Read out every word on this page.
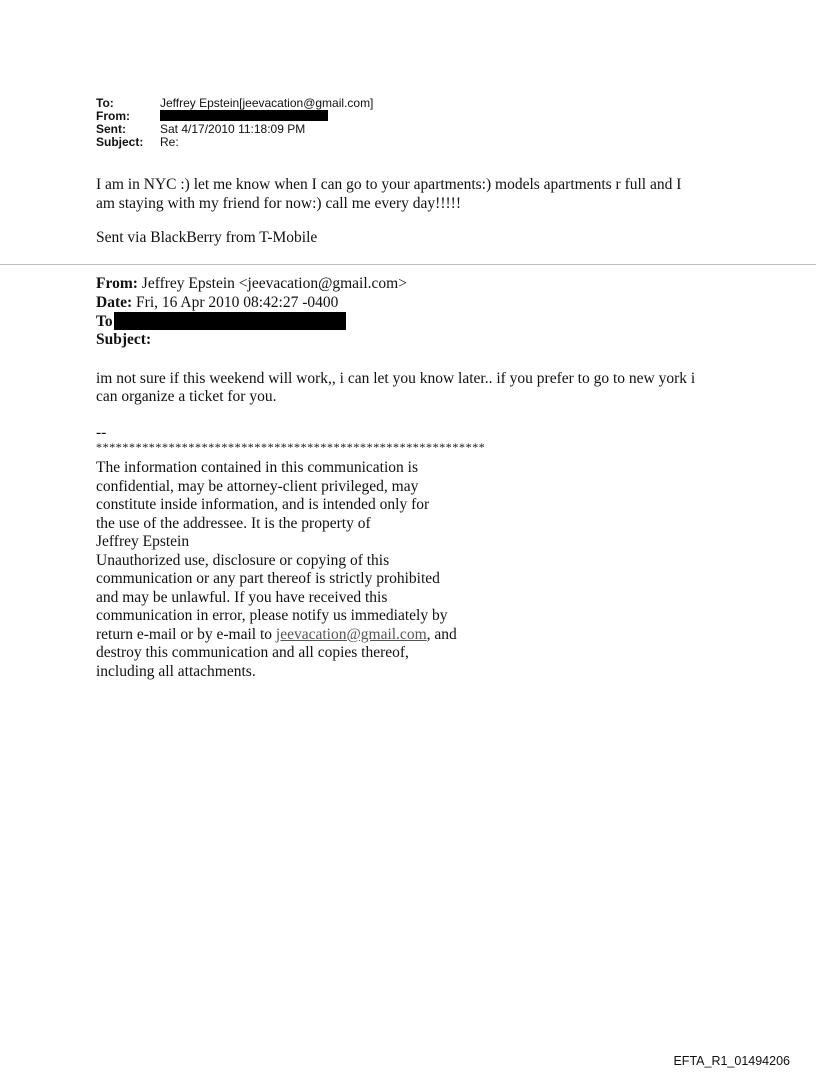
To:	Jeffrey Epstein[jeevacation@gmail.com]
From:
Sent:	Sat 4/17/2010 11:18:09 PM
Subject: Re:

I am in NYC :) let me know when I can go to your apartments:) models apartments r full and I

am staying with my friend for now:) call me every day!!!!!

Sent via BlackBerry from T-Mobile

From: Jeffrey Epstein <jeevacation@gmail.com>
Date: Fri, 16 Apr 2010 08:42:27 -0400
To
Subject:

im not sure if this weekend will work,, i can let you know later.. if you prefer to go to new york i

can organize a ticket for you.

--

***********************************************************

The information contained in this communication is
confidential, may be attorney-client privileged, may
constitute inside information, and is intended only for
the use of the addressee. It is the property of
Jeffrey Epstein
Unauthorized use, disclosure or copying of this
communication or any part thereof is strictly prohibited
and may be unlawful. If you have received this
communication in error, please notify us immediately by
return e-mail or by e-mail to jeevacation@gmail.com, and
destroy this communication and all copies thereof,
including all attachments.
EFTA_R1_01494206
